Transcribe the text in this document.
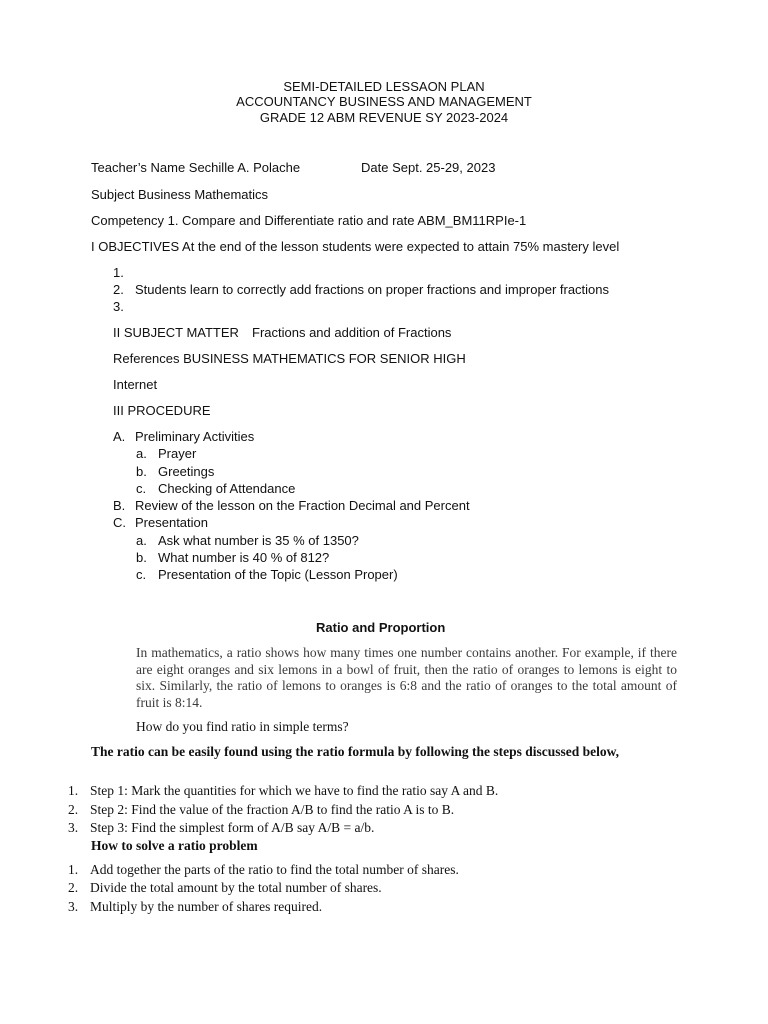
SEMI-DETAILED LESSAON PLAN
ACCOUNTANCY BUSINESS AND MANAGEMENT
GRADE 12 ABM REVENUE SY 2023-2024
Teacher’s Name Sechille A. Polache	Date Sept. 25-29, 2023
Subject Business Mathematics
Competency 1. Compare and Differentiate ratio and rate ABM_BM11RPIe-1
I OBJECTIVES At the end of the lesson students were expected to attain 75% mastery level
1.
2. Students learn to correctly add fractions on proper fractions and improper fractions
3.
II SUBJECT MATTER Fractions and addition of Fractions
References BUSINESS MATHEMATICS FOR SENIOR HIGH
Internet
III PROCEDURE
A. Preliminary Activities
a. Prayer
b. Greetings
c. Checking of Attendance
B. Review of the lesson on the Fraction Decimal and Percent
C. Presentation
a. Ask what number is 35 % of 1350?
b. What number is 40 % of 812?
c. Presentation of the Topic (Lesson Proper)
Ratio and Proportion
In mathematics, a ratio shows how many times one number contains another. For example, if there are eight oranges and six lemons in a bowl of fruit, then the ratio of oranges to lemons is eight to six. Similarly, the ratio of lemons to oranges is 6:8 and the ratio of oranges to the total amount of fruit is 8:14.
How do you find ratio in simple terms?
The ratio can be easily found using the ratio formula by following the steps discussed below,
1. Step 1: Mark the quantities for which we have to find the ratio say A and B.
2. Step 2: Find the value of the fraction A/B to find the ratio A is to B.
3. Step 3: Find the simplest form of A/B say A/B = a/b.
How to solve a ratio problem
1. Add together the parts of the ratio to find the total number of shares.
2. Divide the total amount by the total number of shares.
3. Multiply by the number of shares required.
